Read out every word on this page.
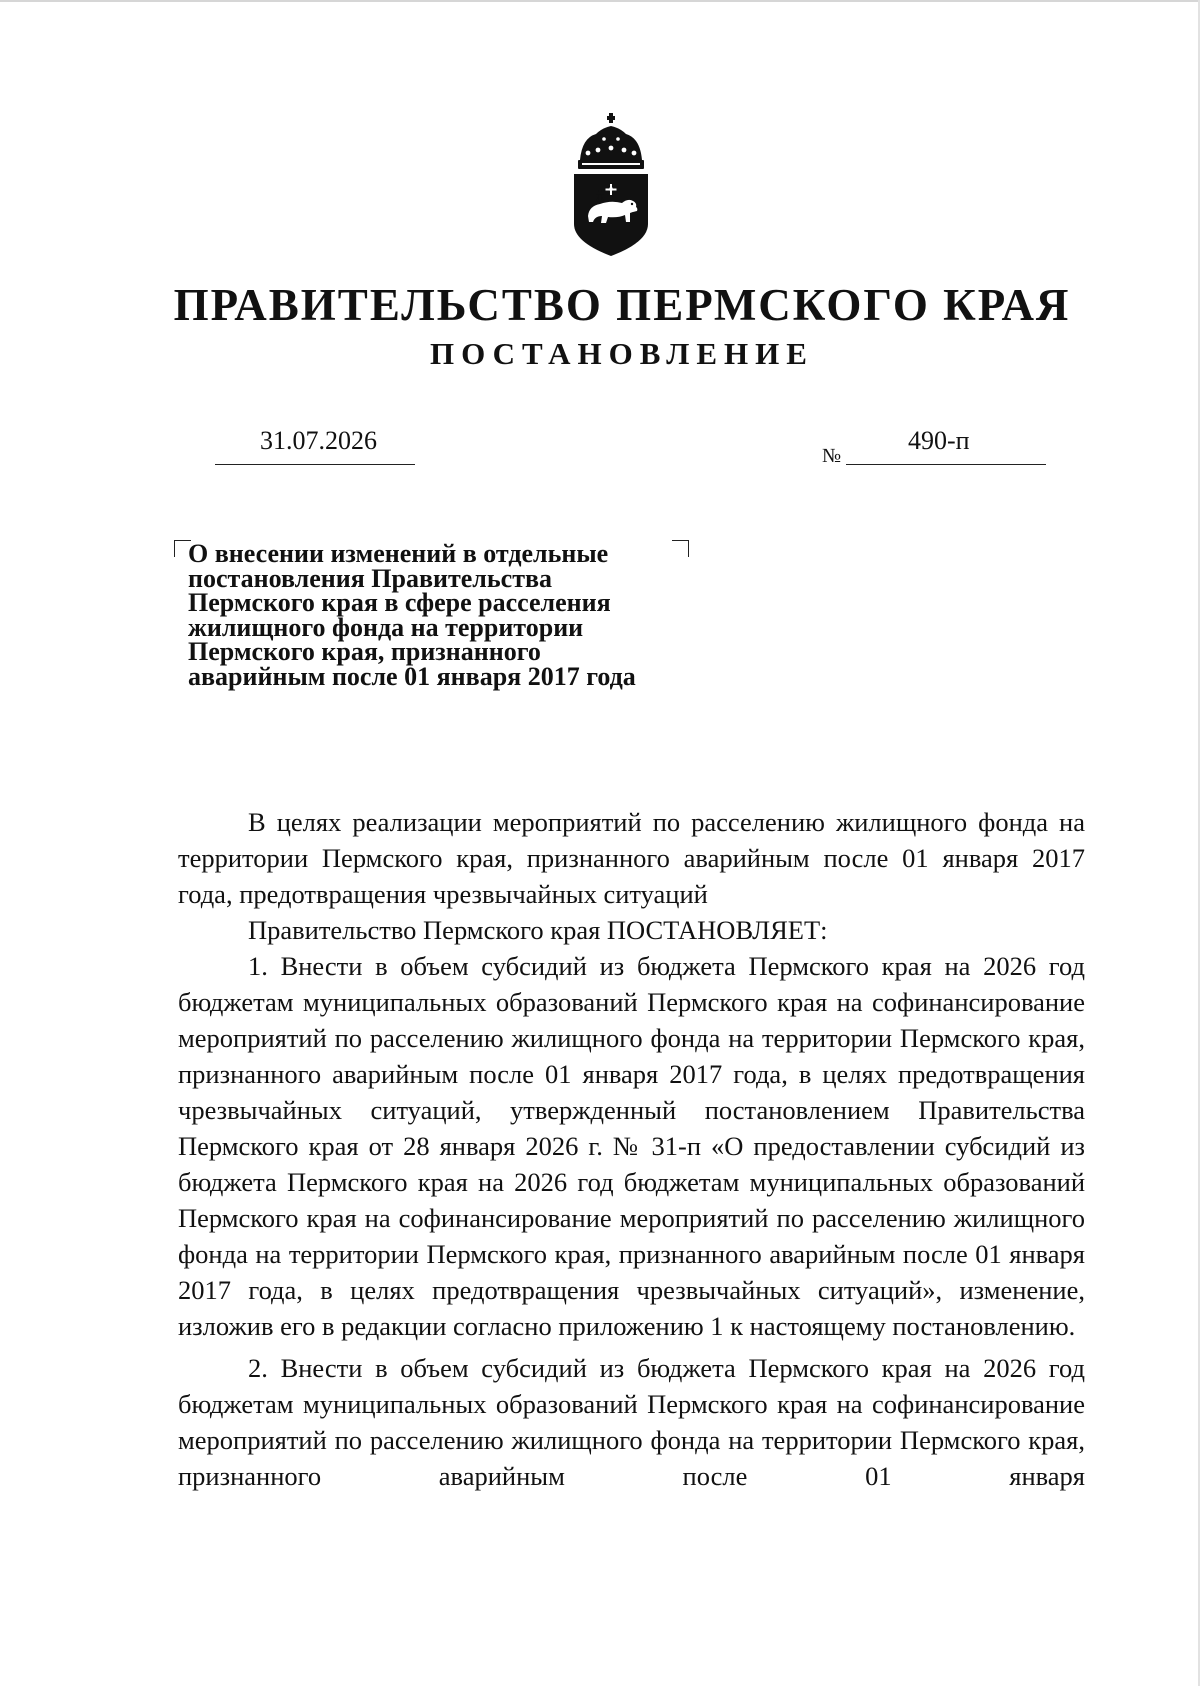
ПРАВИТЕЛЬСТВО ПЕРМСКОГО КРАЯ
ПОСТАНОВЛЕНИЕ
31.07.2026
№
490-п
О внесении изменений в отдельные
постановления Правительства
Пермского края в сфере расселения
жилищного фонда на территории
Пермского края, признанного
аварийным после 01 января 2017 года

В целях реализации мероприятий по расселению жилищного фонда на территории Пермского края, признанного аварийным после 01 января 2017 года, предотвращения чрезвычайных ситуаций

Правительство Пермского края ПОСТАНОВЛЯЕТ:

1. Внести в объем субсидий из бюджета Пермского края на 2026 год бюджетам муниципальных образований Пермского края на софинансирование мероприятий по расселению жилищного фонда на территории Пермского края, признанного аварийным после 01 января 2017 года, в целях предотвращения чрезвычайных ситуаций, утвержденный постановлением Правительства Пермского края от 28 января 2026 г. № 31-п «О предоставлении субсидий из бюджета Пермского края на 2026 год бюджетам муниципальных образований Пермского края на софинансирование мероприятий по расселению жилищного фонда на территории Пермского края, признанного аварийным после 01 января 2017 года, в целях предотвращения чрезвычайных ситуаций», изменение, изложив его в редакции согласно приложению 1 к настоящему постановлению.

2. Внести в объем субсидий из бюджета Пермского края на 2026 год бюджетам муниципальных образований Пермского края на софинансирование мероприятий по расселению жилищного фонда на территории Пермского края, признанного аварийным после 01 января
